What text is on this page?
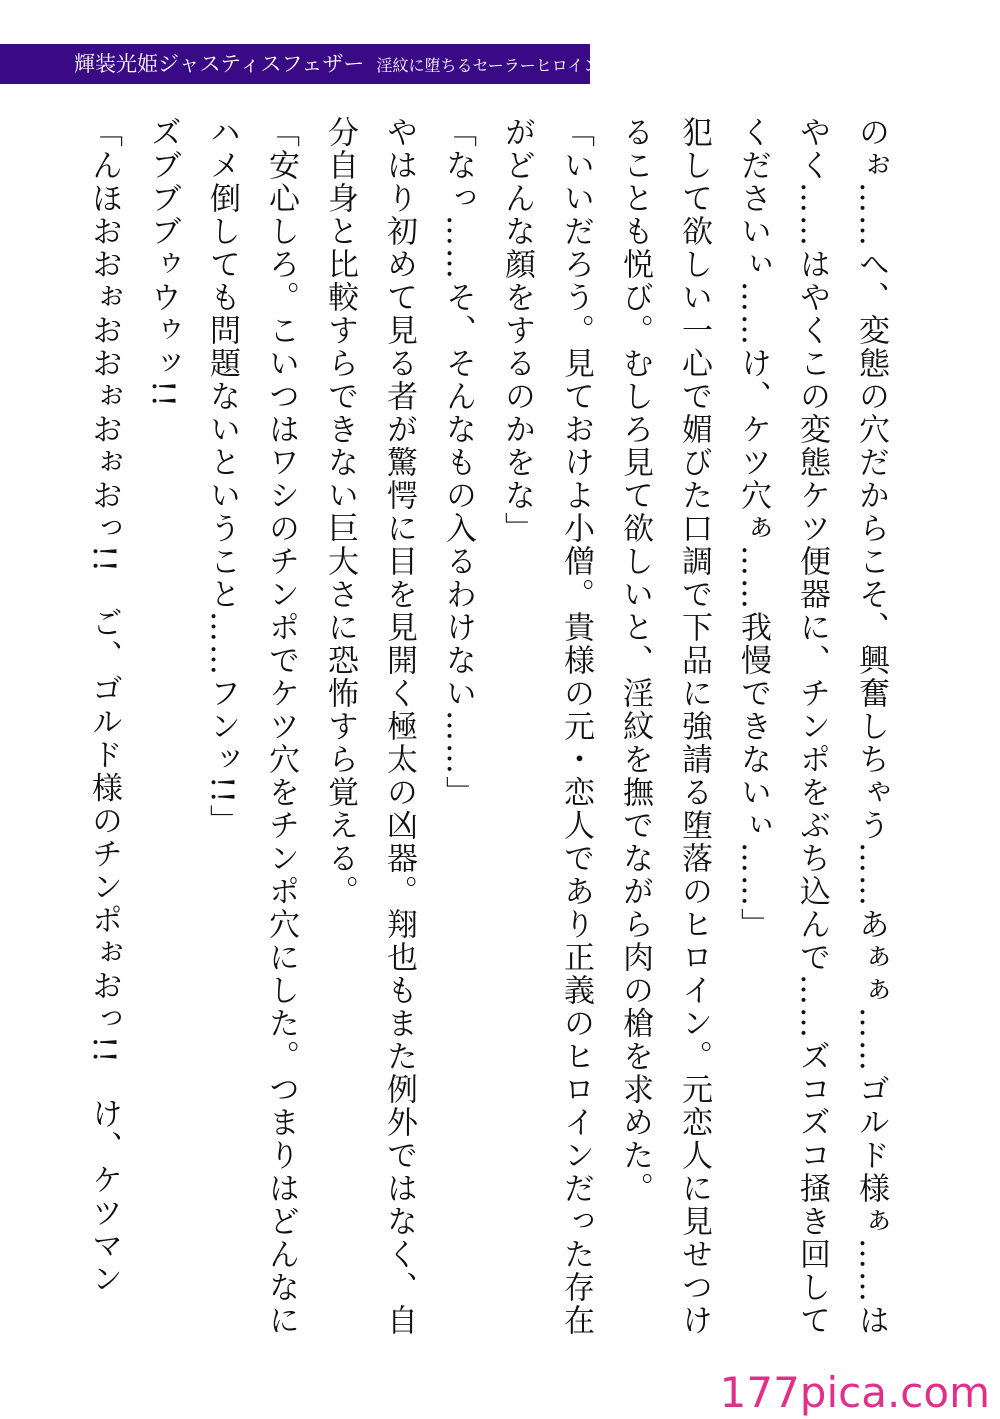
輝装光姫ジャスティスフェザー 淫紋に堕ちるセーラーヒロイン

のぉ……へ、変態の穴だからこそ、興奮しちゃう……あぁぁ……ゴルド様ぁ……はやく……はやくこの変態ケツ便器に、チンポをぶち込んで……ズコズコ掻き回してくださいぃ……け、ケツ穴ぁ……我慢できないぃ……」

犯して欲しい一心で媚びた口調で下品に強請る堕落のヒロイン。元恋人に見せつけることも悦び。むしろ見て欲しいと、淫紋を撫でながら肉の槍を求めた。

「いいだろう。見ておけよ小僧。貴様の元・恋人であり正義のヒロインだった存在がどんな顔をするのかをな」

「なっ……そ、そんなもの入るわけない……」

やはり初めて見る者が驚愕に目を見開く極太の凶器。翔也もまた例外ではなく、自分自身と比較すらできない巨大さに恐怖すら覚える。

「安心しろ。こいつはワシのチンポでケツ穴をチンポ穴にした。つまりはどんなにハメ倒しても問題ないということ……フンッ!!」

ズブブブゥウゥッ!!

「んほおおぉおおぉおぉおっ!!　ご、ゴルド様のチンポぉおっ!!　け、ケツマン

177pica.com
